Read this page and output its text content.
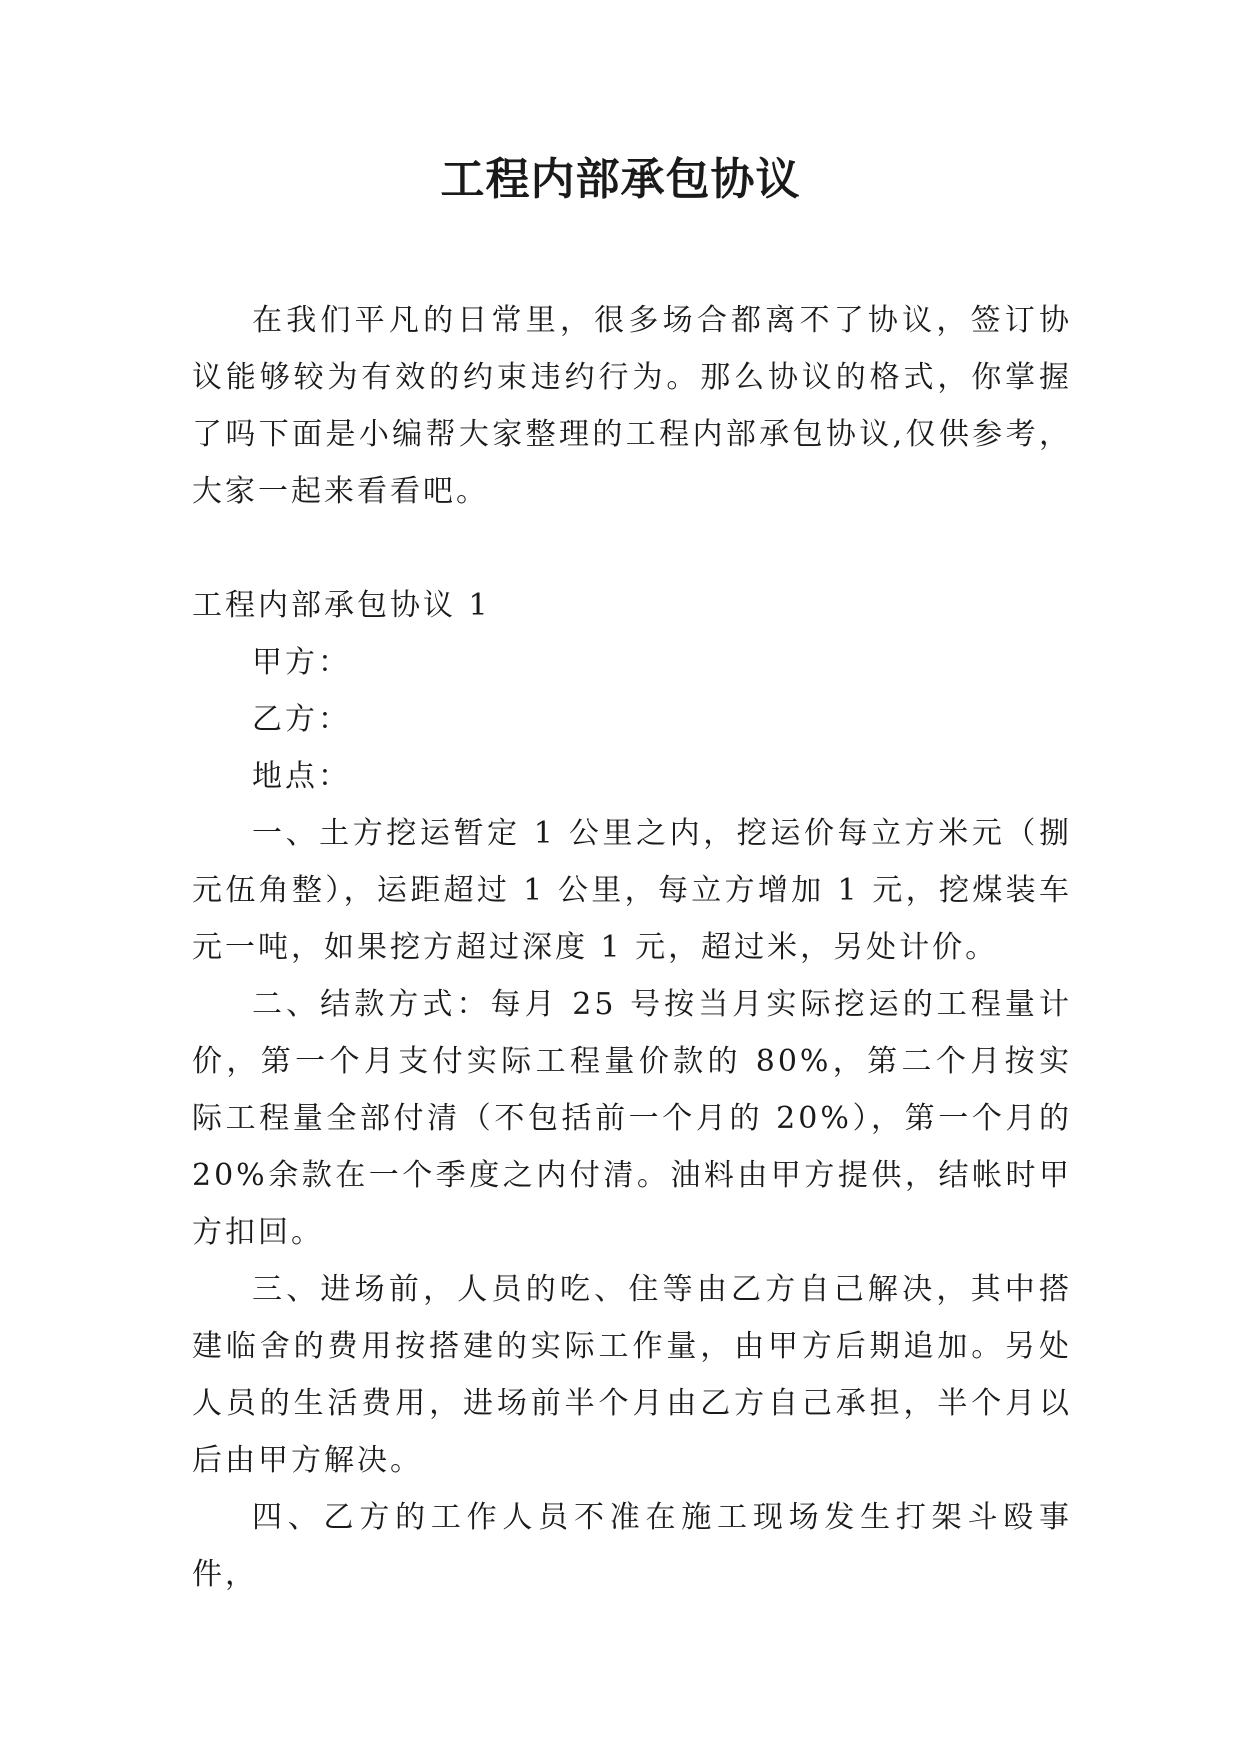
工程内部承包协议

在我们平凡的日常里，很多场合都离不了协议，签订协议能够较为有效的约束违约行为。那么协议的格式，你掌握了吗下面是小编帮大家整理的工程内部承包协议,仅供参考，大家一起来看看吧。

工程内部承包协议 1

甲方：

乙方：

地点：

一、土方挖运暂定 1 公里之内，挖运价每立方米元（捌元伍角整），运距超过 1 公里，每立方增加 1 元，挖煤装车元一吨，如果挖方超过深度 1 元，超过米，另处计价。

二、结款方式：每月 25 号按当月实际挖运的工程量计价，第一个月支付实际工程量价款的 80%，第二个月按实际工程量全部付清（不包括前一个月的 20%），第一个月的 20%余款在一个季度之内付清。油料由甲方提供，结帐时甲方扣回。

三、进场前，人员的吃、住等由乙方自己解决，其中搭建临舍的费用按搭建的实际工作量，由甲方后期追加。另处人员的生活费用，进场前半个月由乙方自己承担，半个月以后由甲方解决。

四、乙方的工作人员不准在施工现场发生打架斗殴事件，
